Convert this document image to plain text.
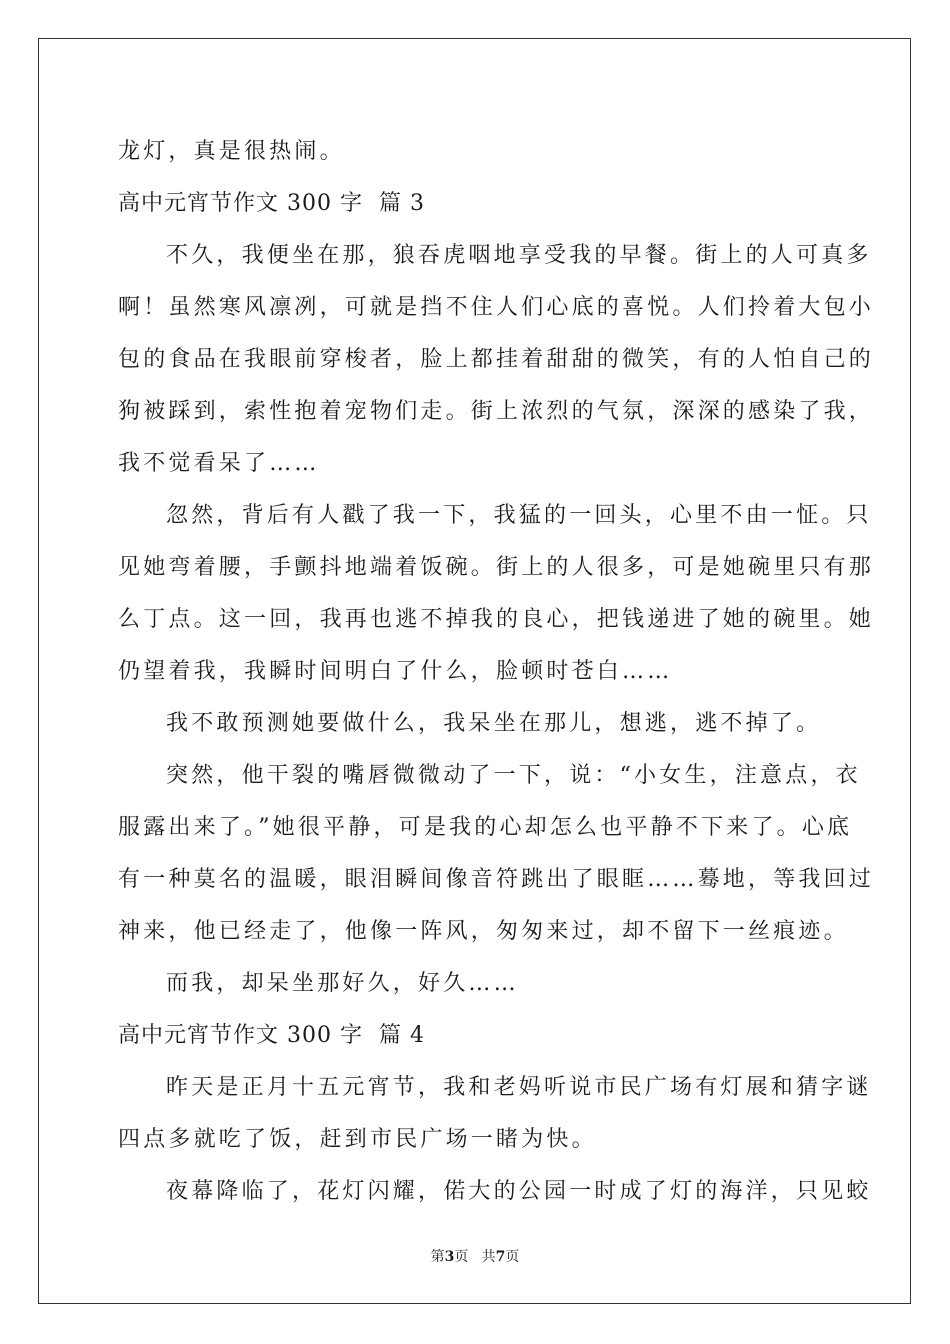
龙灯，真是很热闹。
高中元宵节作文 300 字  篇 3
不久，我便坐在那，狼吞虎咽地享受我的早餐。街上的人可真多
啊！虽然寒风凛冽，可就是挡不住人们心底的喜悦。人们拎着大包小
包的食品在我眼前穿梭者，脸上都挂着甜甜的微笑，有的人怕自己的
狗被踩到，索性抱着宠物们走。街上浓烈的气氛，深深的感染了我，
我不觉看呆了……
忽然，背后有人戳了我一下，我猛的一回头，心里不由一怔。只
见她弯着腰，手颤抖地端着饭碗。街上的人很多，可是她碗里只有那
么丁点。这一回，我再也逃不掉我的良心，把钱递进了她的碗里。她
仍望着我，我瞬时间明白了什么，脸顿时苍白……
我不敢预测她要做什么，我呆坐在那儿，想逃，逃不掉了。
突然，他干裂的嘴唇微微动了一下，说：“小女生，注意点，衣
服露出来了。”她很平静，可是我的心却怎么也平静不下来了。心底
有一种莫名的温暖，眼泪瞬间像音符跳出了眼眶……蓦地，等我回过
神来，他已经走了，他像一阵风，匆匆来过，却不留下一丝痕迹。
而我，却呆坐那好久，好久……
高中元宵节作文 300 字  篇 4
昨天是正月十五元宵节，我和老妈听说市民广场有灯展和猜字谜
四点多就吃了饭，赶到市民广场一睹为快。
夜幕降临了，花灯闪耀，偌大的公园一时成了灯的海洋，只见蛟
第3页   共7页
